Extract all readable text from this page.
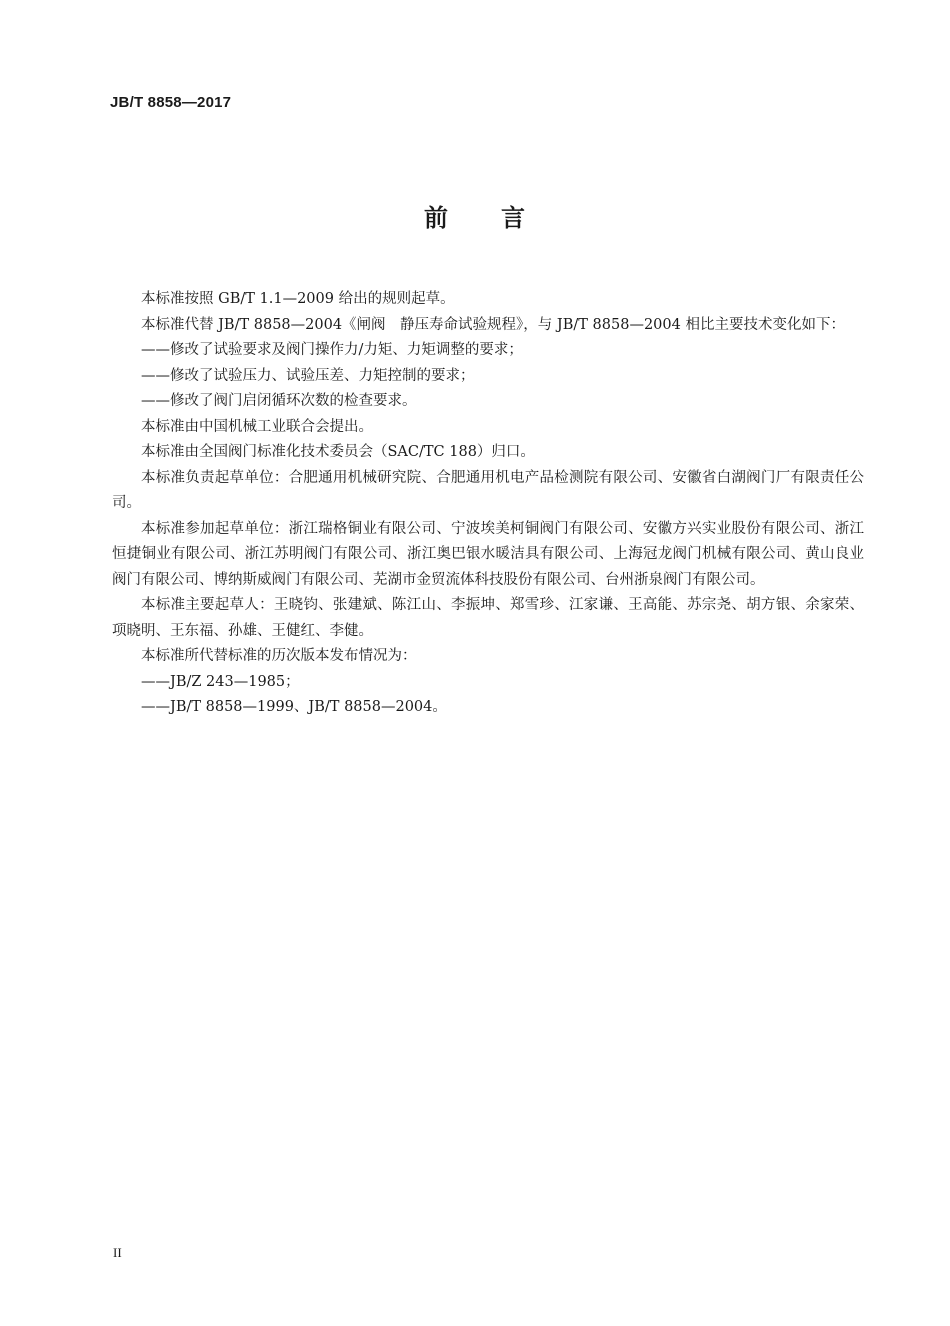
JB/T 8858—2017
前 言

本标准按照 GB/T 1.1—2009 给出的规则起草。

本标准代替 JB/T 8858—2004《闸阀　静压寿命试验规程》，与 JB/T 8858—2004 相比主要技术变化如下：

——修改了试验要求及阀门操作力/力矩、力矩调整的要求；

——修改了试验压力、试验压差、力矩控制的要求；

——修改了阀门启闭循环次数的检查要求。

本标准由中国机械工业联合会提出。

本标准由全国阀门标准化技术委员会（SAC/TC 188）归口。

本标准负责起草单位：合肥通用机械研究院、合肥通用机电产品检测院有限公司、安徽省白湖阀门厂有限责任公司。

本标准参加起草单位：浙江瑞格铜业有限公司、宁波埃美柯铜阀门有限公司、安徽方兴实业股份有限公司、浙江恒捷铜业有限公司、浙江苏明阀门有限公司、浙江奥巴银水暖洁具有限公司、上海冠龙阀门机械有限公司、黄山良业阀门有限公司、博纳斯威阀门有限公司、芜湖市金贸流体科技股份有限公司、台州浙泉阀门有限公司。

本标准主要起草人：王晓钧、张建斌、陈江山、李振坤、郑雪珍、江家谦、王高能、苏宗尧、胡方银、余家荣、项晓明、王东福、孙雄、王健红、李健。

本标准所代替标准的历次版本发布情况为：

——JB/Z 243—1985；

——JB/T 8858—1999、JB/T 8858—2004。

II
